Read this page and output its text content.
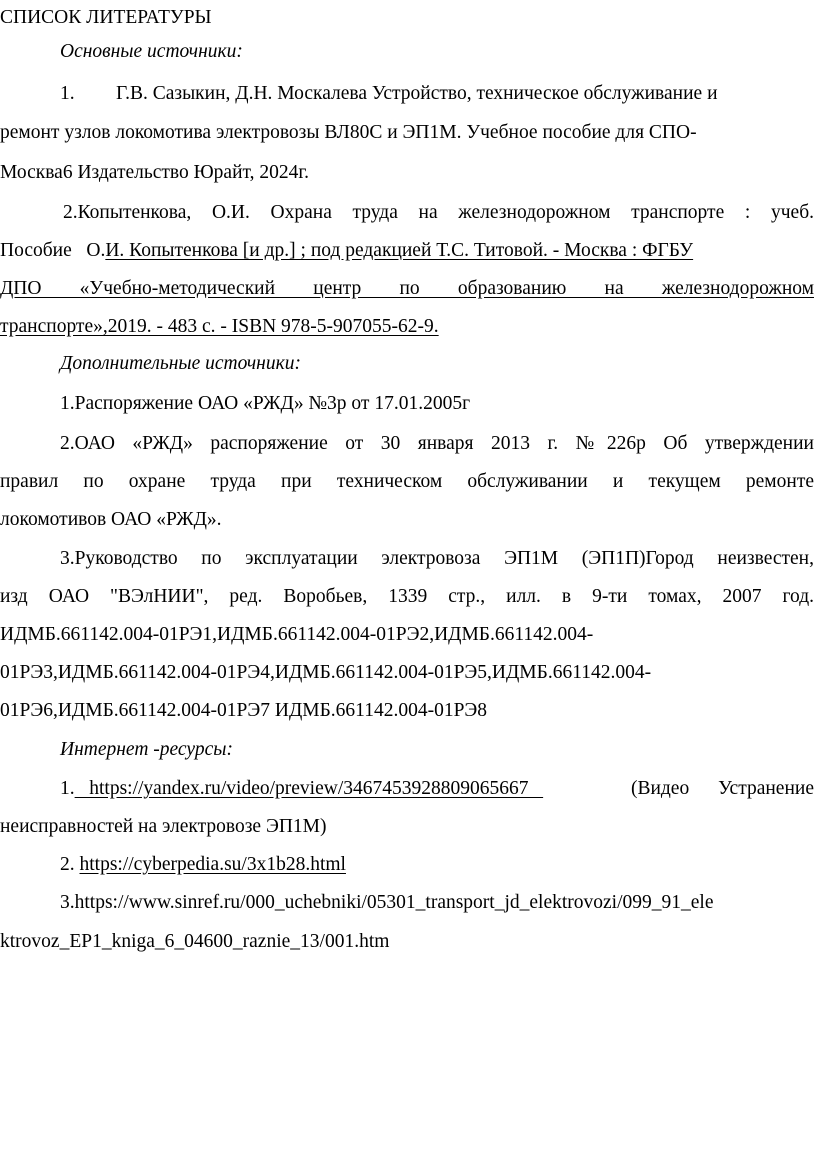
СПИСОК ЛИТЕРАТУРЫ
Основные источники:
1. Г.В. Сазыкин, Д.Н. Москалева Устройство, техническое обслуживание и
ремонт узлов локомотива электровозы ВЛ80С и ЭП1М. Учебное пособие для СПО-
Москва6 Издательство Юрайт, 2024г.
2.Копытенкова, О.И. Охрана труда на железнодорожном транспорте : учеб.
Пособие   О.И. Копытенкова [и др.] ; под редакцией Т.С. Титовой. - Москва : ФГБУ
ДПО «Учебно-методический центр по образованию на железнодорожном
транспорте»,2019. - 483 с. - ISBN 978-5-907055-62-9.
Дополнительные источники:
1.Распоряжение ОАО «РЖД» №3р от 17.01.2005г
2.ОАО «РЖД» распоряжение от 30 января 2013 г. №226р Об утверждении
правил по охране труда при техническом обслуживании и текущем ремонте
локомотивов ОАО «РЖД».
3.Руководство по эксплуатации электровоза ЭП1М (ЭП1П)Город неизвестен,
изд ОАО "ВЭлНИИ", ред. Воробьев, 1339 стр., илл. в 9-ти томах, 2007 год.
ИДМБ.661142.004-01РЭ1,ИДМБ.661142.004-01РЭ2,ИДМБ.661142.004-
01РЭ3,ИДМБ.661142.004-01РЭ4,ИДМБ.661142.004-01РЭ5,ИДМБ.661142.004-
01РЭ6,ИДМБ.661142.004-01РЭ7 ИДМБ.661142.004-01РЭ8
Интернет -ресурсы:
1.   https://yandex.ru/video/preview/3467453928809065667	(Видео Устранение
неисправностей на электровозе ЭП1М)
2. https://cyberpedia.su/3x1b28.html
3.https://www.sinref.ru/000_uchebniki/05301_transport_jd_elektrovozi/099_91_ele
ktrovoz_EP1_kniga_6_04600_raznie_13/001.htm
